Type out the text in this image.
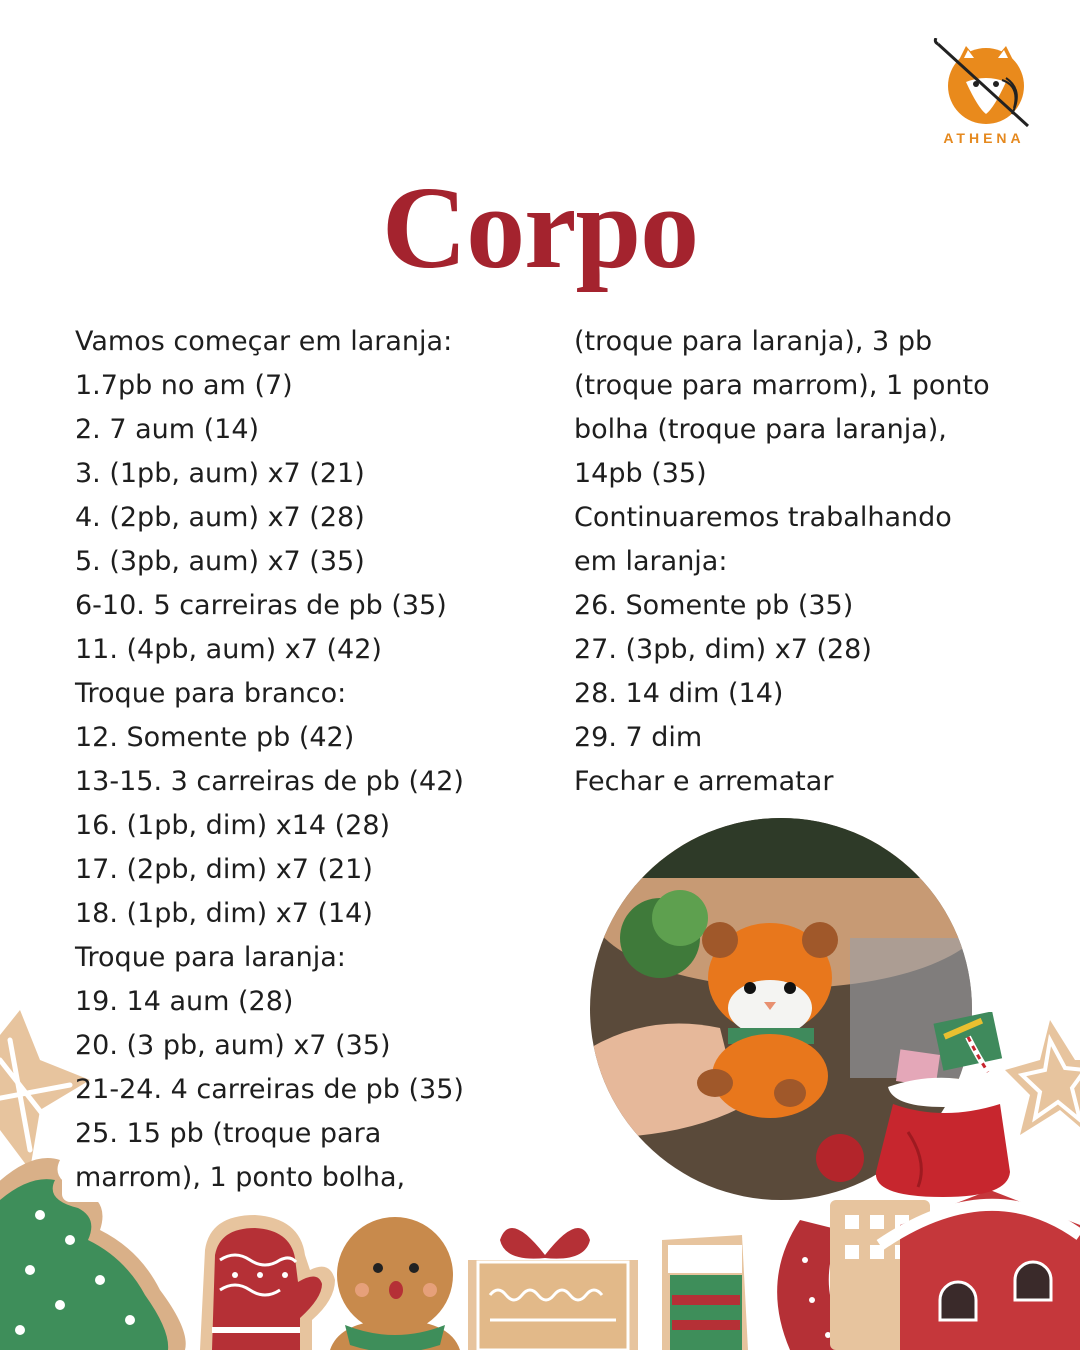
ATHENA
Corpo
Vamos começar em laranja:
1.7pb no am (7)
2. 7 aum (14)
3. (1pb, aum) x7 (21)
4. (2pb, aum) x7 (28)
5. (3pb, aum) x7 (35)
6-10. 5 carreiras de pb (35)
11. (4pb, aum) x7 (42)
Troque para branco:
12. Somente pb (42)
13-15. 3 carreiras de pb (42)
16. (1pb, dim) x14 (28)
17. (2pb, dim) x7 (21)
18. (1pb, dim) x7 (14)
Troque para laranja:
19. 14 aum (28)
20. (3 pb, aum) x7 (35)
21-24. 4 carreiras de pb (35)
25. 15 pb (troque para
marrom), 1 ponto bolha,
(troque para laranja), 3 pb
(troque para marrom), 1 ponto
bolha (troque para laranja),
14pb (35)
Continuaremos trabalhando
em laranja:
26. Somente pb (35)
27. (3pb, dim) x7 (28)
28. 14 dim (14)
29. 7 dim
Fechar e arrematar
